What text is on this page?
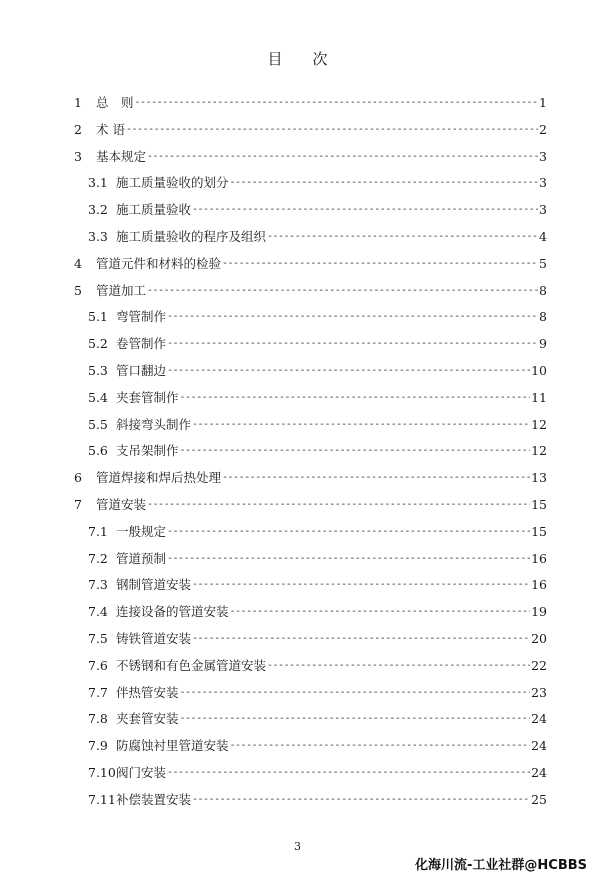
目　　次
1	总　则 -----	1
2	术 语 -----	2
3	基本规定 -----	3
3.1 施工质量验收的划分 -----	3
3.2 施工质量验收 -----	3
3.3 施工质量验收的程序及组织 -----	4
4	管道元件和材料的检验 -----	5
5	管道加工 -----	8
5.1 弯管制作 -----	8
5.2 卷管制作 -----	9
5.3 管口翻边 -----	10
5.4 夹套管制作 -----	11
5.5 斜接弯头制作 -----	12
5.6 支吊架制作 -----	12
6	管道焊接和焊后热处理 -----	13
7	管道安装 -----	15
7.1 一般规定 -----	15
7.2 管道预制 -----	16
7.3 钢制管道安装 -----	16
7.4 连接设备的管道安装 -----	19
7.5 铸铁管道安装 -----	20
7.6 不锈钢和有色金属管道安装 -----	22
7.7 伴热管安装 -----	23
7.8 夹套管安装 -----	24
7.9 防腐蚀衬里管道安装 -----	24
7.10 阀门安装 -----	24
7.11 补偿装置安装 -----	25
3
化海川流-工业社群@HCBBS
